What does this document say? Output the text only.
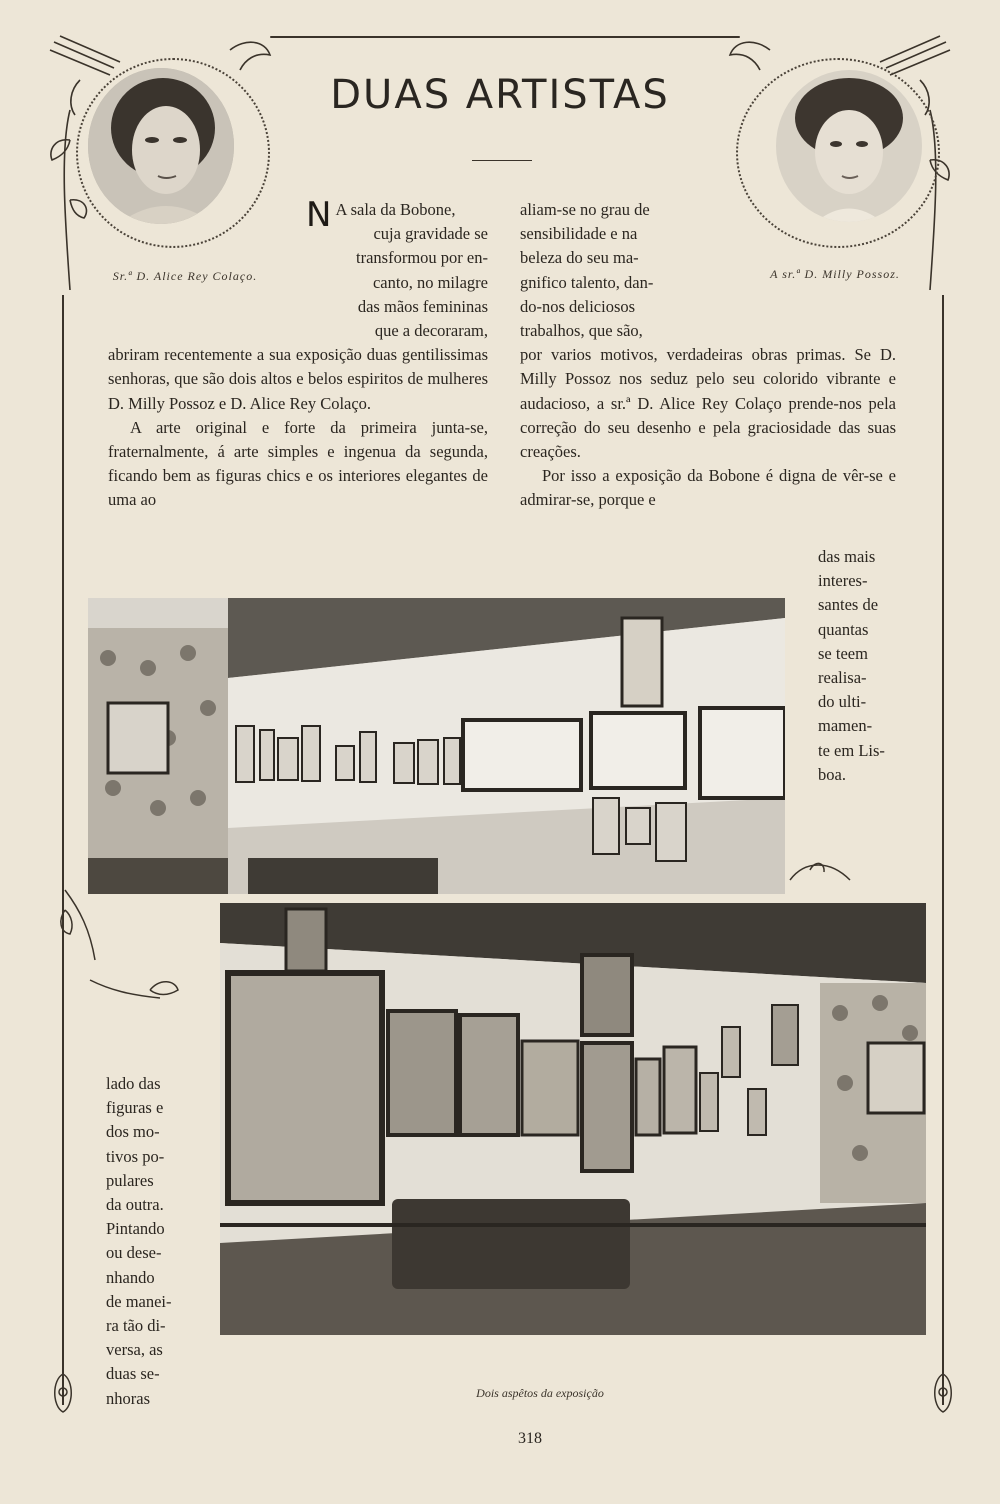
DUAS ARTISTAS
Sr.ª D. Alice Rey Colaço.	A sr.ª D. Milly Possoz.
N A sala da Bobone,
cuja gravidade se
transformou por en-
canto, no milagre
das mãos femininas
que a decoraram,

abriram recentemente a sua exposição duas gentilissimas senhoras, que são dois altos e belos espiritos de mulheres D. Milly Possoz e D. Alice Rey Colaço.

A arte original e forte da primeira junta-se, fraternalmente, á arte simples e ingenua da segunda, ficando bem as figuras chics e os interiores elegantes de uma ao

aliam-se no grau de
sensibilidade e na
beleza do seu ma-
gnifico talento, dan-
do-nos deliciosos
trabalhos, que são,

por varios motivos, verdadeiras obras primas. Se D. Milly Possoz nos seduz pelo seu colorido vibrante e audacioso, a sr.ª D. Alice Rey Colaço prende-nos pela correção do seu desenho e pela graciosidade das suas creações.

Por isso a exposição da Bobone é digna de vêr-se e admirar-se, porque e

das mais
interes-
santes de
quantas
se teem
realisa-
do ulti-
mamen-
te em Lis-
boa.
lado das
figuras e
dos mo-
tivos po-
pulares
da outra.
Pintando
ou dese-
nhando
de manei-
ra tão di-
versa, as
duas se-
nhoras	Dois aspêtos da exposição
318
